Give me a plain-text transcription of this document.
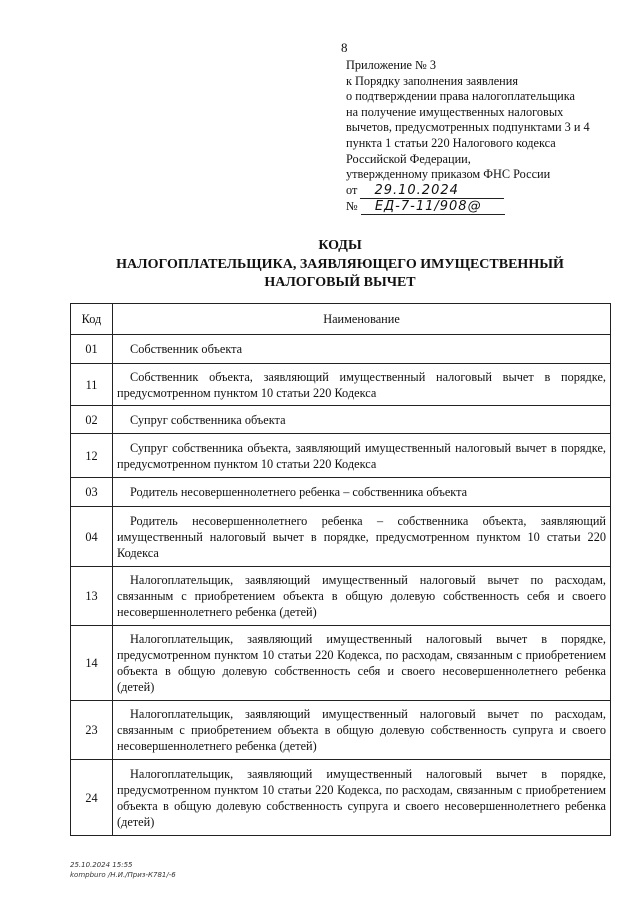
8
Приложение № 3
к Порядку заполнения заявления
о подтверждении права налогоплательщика
на получение имущественных налоговых
вычетов, предусмотренных подпунктами 3 и 4
пункта 1 статьи 220 Налогового кодекса
Российской Федерации,
утвержденному приказом ФНС России
от 29.10.2024
№ ЕД-7-11/908@
КОДЫ
НАЛОГОПЛАТЕЛЬЩИКА, ЗАЯВЛЯЮЩЕГО ИМУЩЕСТВЕННЫЙ
НАЛОГОВЫЙ ВЫЧЕТ
Код	Наименование
01	Собственник объекта
11	Собственник объекта, заявляющий имущественный налоговый вычет в порядке, предусмотренном пунктом 10 статьи 220 Кодекса
02	Супруг собственника объекта
12	Супруг собственника объекта, заявляющий имущественный налоговый вычет в порядке, предусмотренном пунктом 10 статьи 220 Кодекса
03	Родитель несовершеннолетнего ребенка – собственника объекта
04	Родитель несовершеннолетнего ребенка – собственника объекта, заявляющий имущественный налоговый вычет в порядке, предусмотренном пунктом 10 статьи 220 Кодекса
13	Налогоплательщик, заявляющий имущественный налоговый вычет по расходам, связанным с приобретением объекта в общую долевую собственность себя и своего несовершеннолетнего ребенка (детей)
14	Налогоплательщик, заявляющий имущественный налоговый вычет в порядке, предусмотренном пунктом 10 статьи 220 Кодекса, по расходам, связанным с приобретением объекта в общую долевую собственность себя и своего несовершеннолетнего ребенка (детей)
23	Налогоплательщик, заявляющий имущественный налоговый вычет по расходам, связанным с приобретением объекта в общую долевую собственность супруга и своего несовершеннолетнего ребенка (детей)
24	Налогоплательщик, заявляющий имущественный налоговый вычет в порядке, предусмотренном пунктом 10 статьи 220 Кодекса, по расходам, связанным с приобретением объекта в общую долевую собственность супруга и своего несовершеннолетнего ребенка (детей)
25.10.2024 15:55
kompburo /Н.И./Приз-К781/-6
